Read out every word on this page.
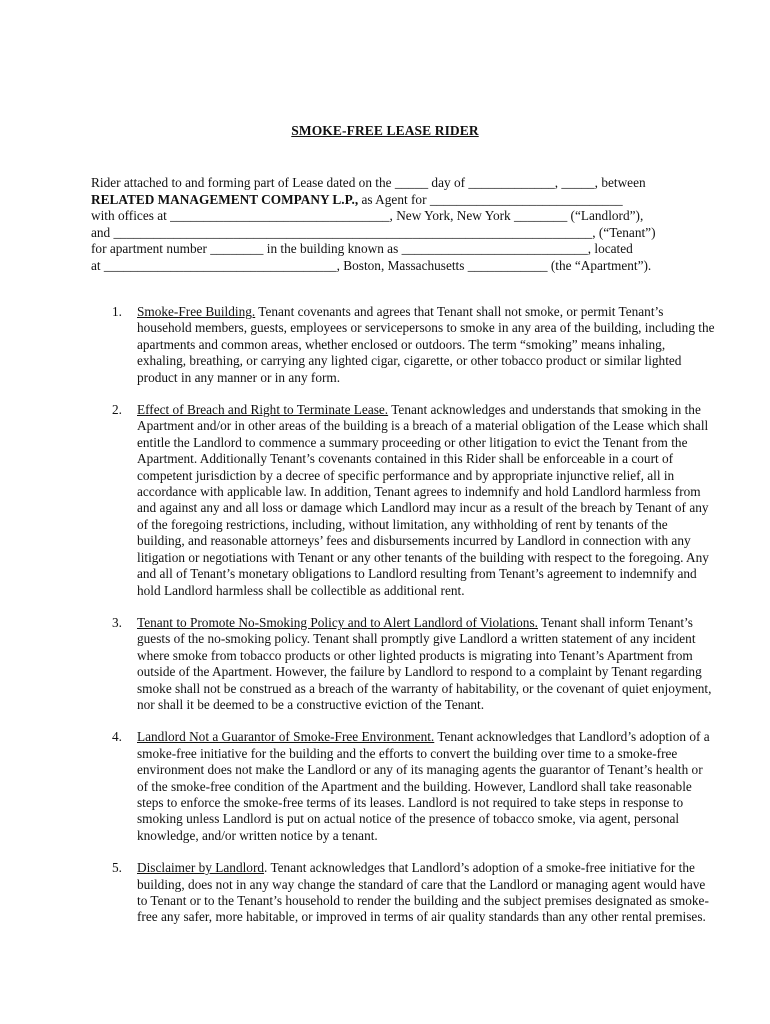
SMOKE-FREE LEASE RIDER
Rider attached to and forming part of Lease dated on the _____ day of _____________, _____, between
RELATED MANAGEMENT COMPANY L.P., as Agent for _____________________________
with offices at _________________________________, New York, New York ________ (“Landlord”),
and ________________________________________________________________________, (“Tenant”)
for apartment number ________ in the building known as ____________________________, located
at ___________________________________, Boston, Massachusetts ____________ (the “Apartment”).
1. Smoke-Free Building. Tenant covenants and agrees that Tenant shall not smoke, or permit Tenant’s
household members, guests, employees or servicepersons to smoke in any area of the building, including the
apartments and common areas, whether enclosed or outdoors. The term “smoking” means inhaling,
exhaling, breathing, or carrying any lighted cigar, cigarette, or other tobacco product or similar lighted
product in any manner or in any form.
2. Effect of Breach and Right to Terminate Lease. Tenant acknowledges and understands that smoking in the
Apartment and/or in other areas of the building is a breach of a material obligation of the Lease which shall
entitle the Landlord to commence a summary proceeding or other litigation to evict the Tenant from the
Apartment. Additionally Tenant’s covenants contained in this Rider shall be enforceable in a court of
competent jurisdiction by a decree of specific performance and by appropriate injunctive relief, all in
accordance with applicable law. In addition, Tenant agrees to indemnify and hold Landlord harmless from
and against any and all loss or damage which Landlord may incur as a result of the breach by Tenant of any
of the foregoing restrictions, including, without limitation, any withholding of rent by tenants of the
building, and reasonable attorneys’ fees and disbursements incurred by Landlord in connection with any
litigation or negotiations with Tenant or any other tenants of the building with respect to the foregoing. Any
and all of Tenant’s monetary obligations to Landlord resulting from Tenant’s agreement to indemnify and
hold Landlord harmless shall be collectible as additional rent.
3. Tenant to Promote No-Smoking Policy and to Alert Landlord of Violations. Tenant shall inform Tenant’s
guests of the no-smoking policy. Tenant shall promptly give Landlord a written statement of any incident
where smoke from tobacco products or other lighted products is migrating into Tenant’s Apartment from
outside of the Apartment. However, the failure by Landlord to respond to a complaint by Tenant regarding
smoke shall not be construed as a breach of the warranty of habitability, or the covenant of quiet enjoyment,
nor shall it be deemed to be a constructive eviction of the Tenant.
4. Landlord Not a Guarantor of Smoke-Free Environment. Tenant acknowledges that Landlord’s adoption of a
smoke-free initiative for the building and the efforts to convert the building over time to a smoke-free
environment does not make the Landlord or any of its managing agents the guarantor of Tenant’s health or
of the smoke-free condition of the Apartment and the building. However, Landlord shall take reasonable
steps to enforce the smoke-free terms of its leases. Landlord is not required to take steps in response to
smoking unless Landlord is put on actual notice of the presence of tobacco smoke, via agent, personal
knowledge, and/or written notice by a tenant.
5. Disclaimer by Landlord. Tenant acknowledges that Landlord’s adoption of a smoke-free initiative for the
building, does not in any way change the standard of care that the Landlord or managing agent would have
to Tenant or to the Tenant’s household to render the building and the subject premises designated as smoke-
free any safer, more habitable, or improved in terms of air quality standards than any other rental premises.
